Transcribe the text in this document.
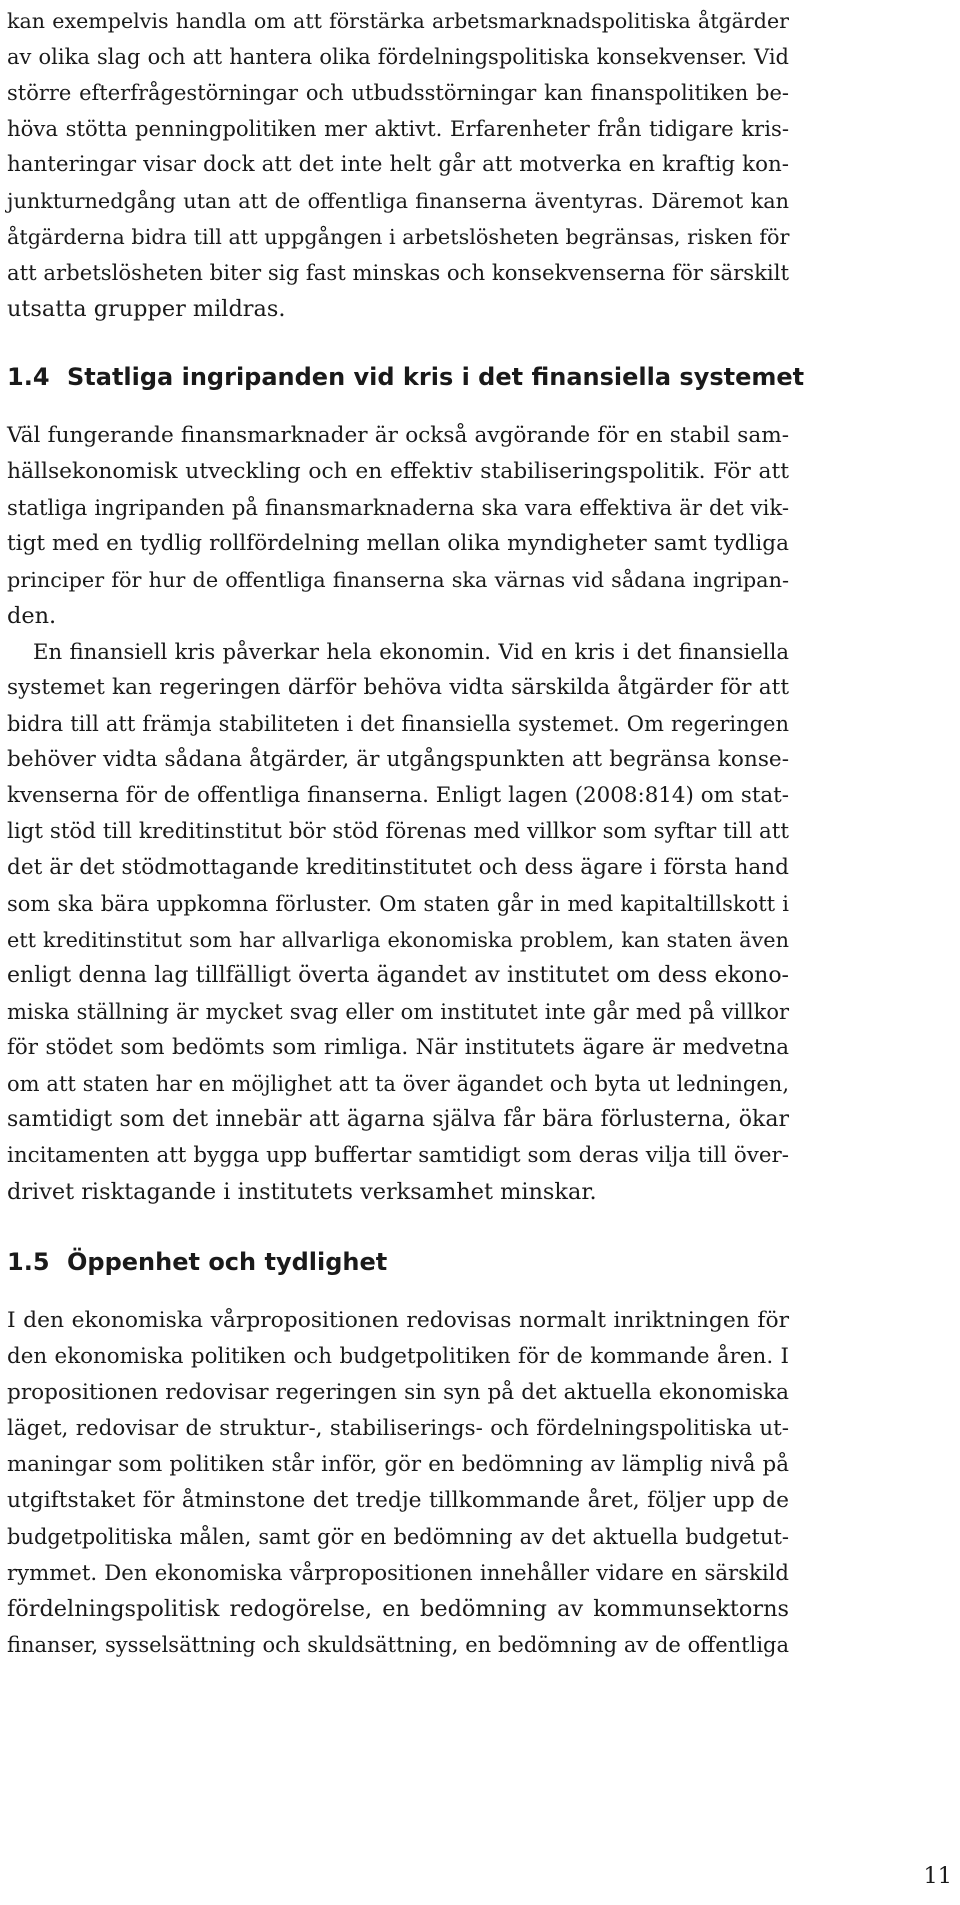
kan exempelvis handla om att förstärka arbetsmarknadspolitiska åtgärder
av olika slag och att hantera olika fördelningspolitiska konsekvenser. Vid
större efterfrågestörningar och utbudsstörningar kan finanspolitiken be-
höva stötta penningpolitiken mer aktivt. Erfarenheter från tidigare kris-
hanteringar visar dock att det inte helt går att motverka en kraftig kon-
junkturnedgång utan att de offentliga finanserna äventyras. Däremot kan
åtgärderna bidra till att uppgången i arbetslösheten begränsas, risken för
att arbetslösheten biter sig fast minskas och konsekvenserna för särskilt
utsatta grupper mildras.
1.4 Statliga ingripanden vid kris i det finansiella systemet
Väl fungerande finansmarknader är också avgörande för en stabil sam-
hällsekonomisk utveckling och en effektiv stabiliseringspolitik. För att
statliga ingripanden på finansmarknaderna ska vara effektiva är det vik-
tigt med en tydlig rollfördelning mellan olika myndigheter samt tydliga
principer för hur de offentliga finanserna ska värnas vid sådana ingripan-
den.
En finansiell kris påverkar hela ekonomin. Vid en kris i det finansiella
systemet kan regeringen därför behöva vidta särskilda åtgärder för att
bidra till att främja stabiliteten i det finansiella systemet. Om regeringen
behöver vidta sådana åtgärder, är utgångspunkten att begränsa konse-
kvenserna för de offentliga finanserna. Enligt lagen (2008:814) om stat-
ligt stöd till kreditinstitut bör stöd förenas med villkor som syftar till att
det är det stödmottagande kreditinstitutet och dess ägare i första hand
som ska bära uppkomna förluster. Om staten går in med kapitaltillskott i
ett kreditinstitut som har allvarliga ekonomiska problem, kan staten även
enligt denna lag tillfälligt överta ägandet av institutet om dess ekono-
miska ställning är mycket svag eller om institutet inte går med på villkor
för stödet som bedömts som rimliga. När institutets ägare är medvetna
om att staten har en möjlighet att ta över ägandet och byta ut ledningen,
samtidigt som det innebär att ägarna själva får bära förlusterna, ökar
incitamenten att bygga upp buffertar samtidigt som deras vilja till över-
drivet risktagande i institutets verksamhet minskar.
1.5 Öppenhet och tydlighet
I den ekonomiska vårpropositionen redovisas normalt inriktningen för
den ekonomiska politiken och budgetpolitiken för de kommande åren. I
propositionen redovisar regeringen sin syn på det aktuella ekonomiska
läget, redovisar de struktur-, stabiliserings- och fördelningspolitiska ut-
maningar som politiken står inför, gör en bedömning av lämplig nivå på
utgiftstaket för åtminstone det tredje tillkommande året, följer upp de
budgetpolitiska målen, samt gör en bedömning av det aktuella budgetut-
rymmet. Den ekonomiska vårpropositionen innehåller vidare en särskild
fördelningspolitisk redogörelse, en bedömning av kommunsektorns
finanser, sysselsättning och skuldsättning, en bedömning av de offentliga
11
